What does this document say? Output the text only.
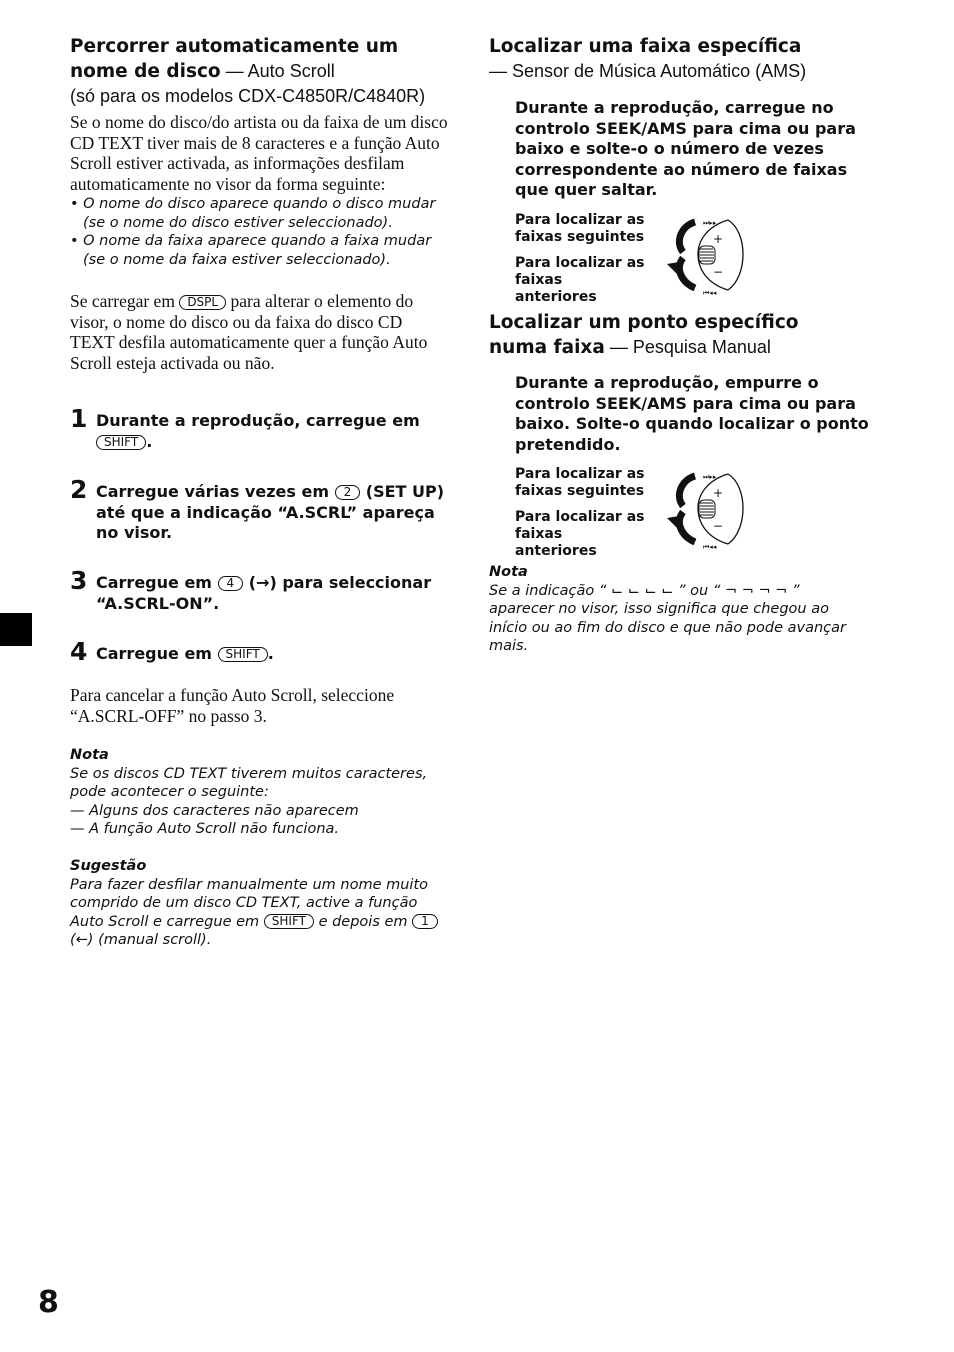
Percorrer automaticamente um
nome de disco — Auto Scroll
(só para os modelos CDX-C4850R/C4840R)
Se o nome do disco/do artista ou da faixa de um disco CD TEXT tiver mais de 8 caracteres e a função Auto Scroll estiver activada, as informações desfilam automaticamente no visor da forma seguinte:
• O nome do disco aparece quando o disco mudar (se o nome do disco estiver seleccionado).
• O nome da faixa aparece quando a faixa mudar (se o nome da faixa estiver seleccionado).
Se carregar em DSPL para alterar o elemento do visor, o nome do disco ou da faixa do disco CD TEXT desfila automaticamente quer a função Auto Scroll esteja activada ou não.
1 Durante a reprodução, carregue em
SHIFT .
2 Carregue várias vezes em 2 (SET UP) até que a indicação “A.SCRL” apareça no visor.
3 Carregue em 4 (→) para seleccionar “A.SCRL-ON”.
4 Carregue em SHIFT .
Para cancelar a função Auto Scroll, seleccione “A.SCRL-OFF” no passo 3.
Nota
Se os discos CD TEXT tiverem muitos caracteres, pode acontecer o seguinte:
— Alguns dos caracteres não aparecem
— A função Auto Scroll não funciona.
Sugestão
Para fazer desfilar manualmente um nome muito comprido de um disco CD TEXT, active a função Auto Scroll e carregue em SHIFT e depois em 1 (←) (manual scroll).
8
Localizar uma faixa específica
— Sensor de Música Automático (AMS)
Durante a reprodução, carregue no controlo SEEK/AMS para cima ou para baixo e solte-o o número de vezes correspondente ao número de faixas que quer saltar.
Para localizar as faixas seguintes
Para localizar as faixas anteriores
+
−
⏭▸▸
⏮◂◂
Localizar um ponto específico
numa faixa — Pesquisa Manual
Durante a reprodução, empurre o controlo SEEK/AMS para cima ou para baixo. Solte-o quando localizar o ponto pretendido.
Para localizar as faixas seguintes
Para localizar as faixas anteriores
+
−
⏭▸▸
⏮◂◂
Nota
Se a indicação “ ⌙ ⌙ ⌙ ⌙ ” ou “ ¬ ¬ ¬ ¬ ” aparecer no visor, isso significa que chegou ao início ou ao fim do disco e que não pode avançar mais.
